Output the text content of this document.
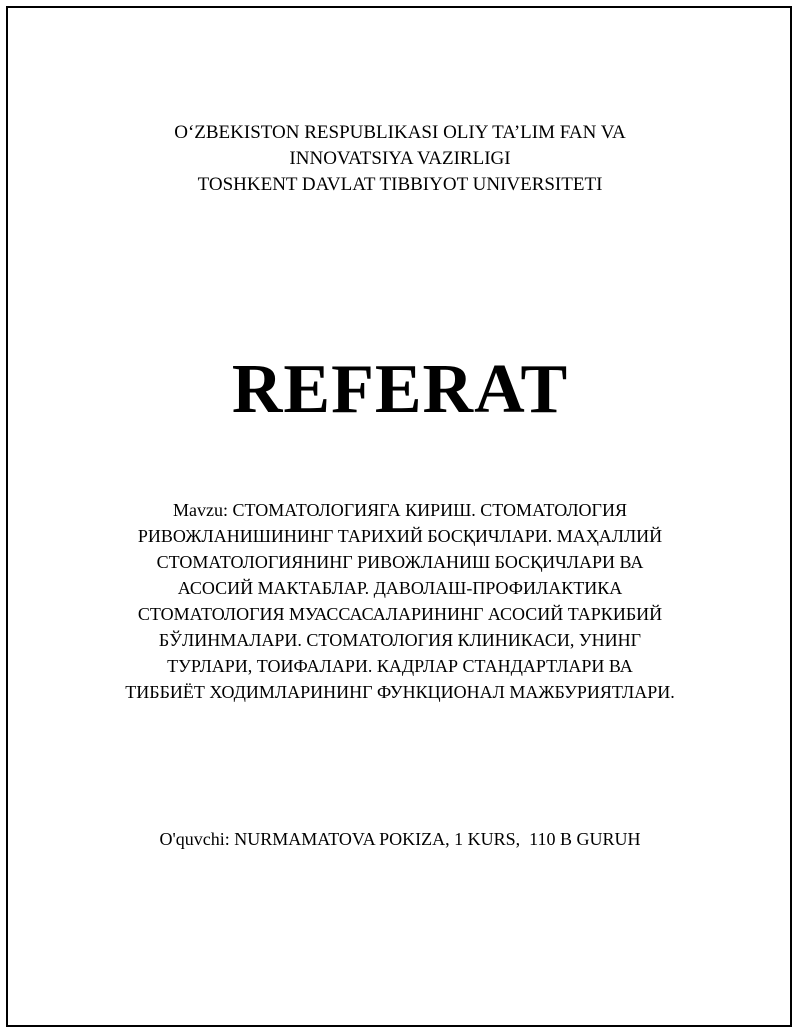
O‘ZBEKISTON RESPUBLIKASI OLIY TA’LIM FAN VA
INNOVATSIYA VAZIRLIGI
TOSHKENT DAVLAT TIBBIYOT UNIVERSITETI
REFERAT
Mavzu: СТОМАТОЛОГИЯГА КИРИШ. СТОМАТОЛОГИЯ
РИВОЖЛАНИШИНИНГ ТАРИХИЙ БОСҚИЧЛАРИ. МАҲАЛЛИЙ
СТОМАТОЛОГИЯНИНГ РИВОЖЛАНИШ БОСҚИЧЛАРИ ВА
АСОСИЙ МАКТАБЛАР. ДАВОЛАШ-ПРОФИЛАКТИКА
СТОМАТОЛОГИЯ МУАССАСАЛАРИНИНГ АСОСИЙ ТАРКИБИЙ
БЎЛИНМАЛАРИ. СТОМАТОЛОГИЯ КЛИНИКАСИ, УНИНГ
ТУРЛАРИ, ТОИФАЛАРИ. КАДРЛАР СТАНДАРТЛАРИ ВА
ТИББИЁТ ХОДИМЛАРИНИНГ ФУНКЦИОНАЛ МАЖБУРИЯТЛАРИ.
O'quvchi: NURMAMATOVA POKIZA, 1 KURS,  110 B GURUH
